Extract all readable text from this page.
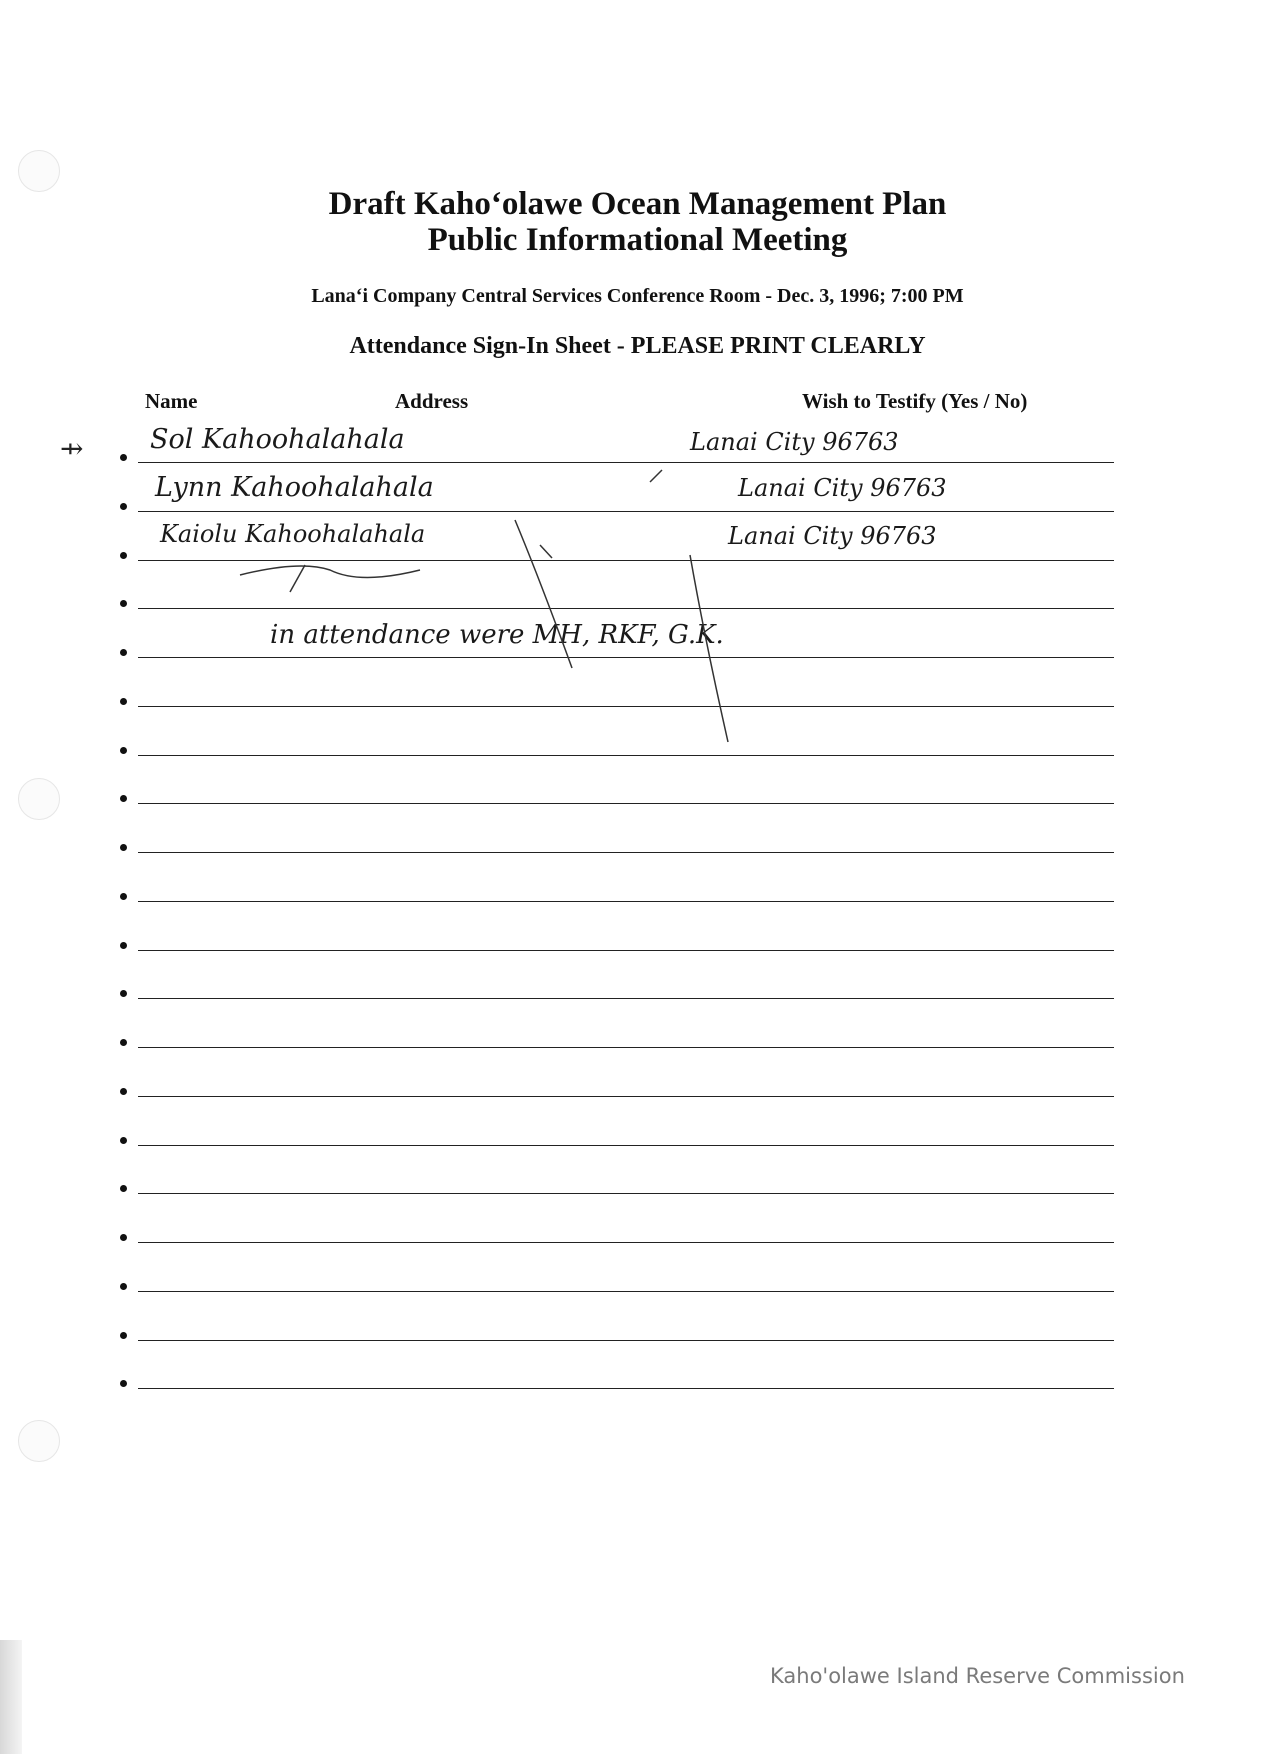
Draft Kaho‘olawe Ocean Management Plan
Public Informational Meeting
Lana‘i Company Central Services Conference Room - Dec. 3, 1996; 7:00 PM
Attendance Sign-In Sheet - PLEASE PRINT CLEARLY
Name	Address	Wish to Testify (Yes / No)
⇸ Sol Kahoohalahala	Lanai City 96763
Lynn Kahoohalahala	Lanai City 96763
Kaiolu Kahoohalahala	Lanai City 96763
in attendance were MH, RKF, G.K.
Kaho'olawe Island Reserve Commission
